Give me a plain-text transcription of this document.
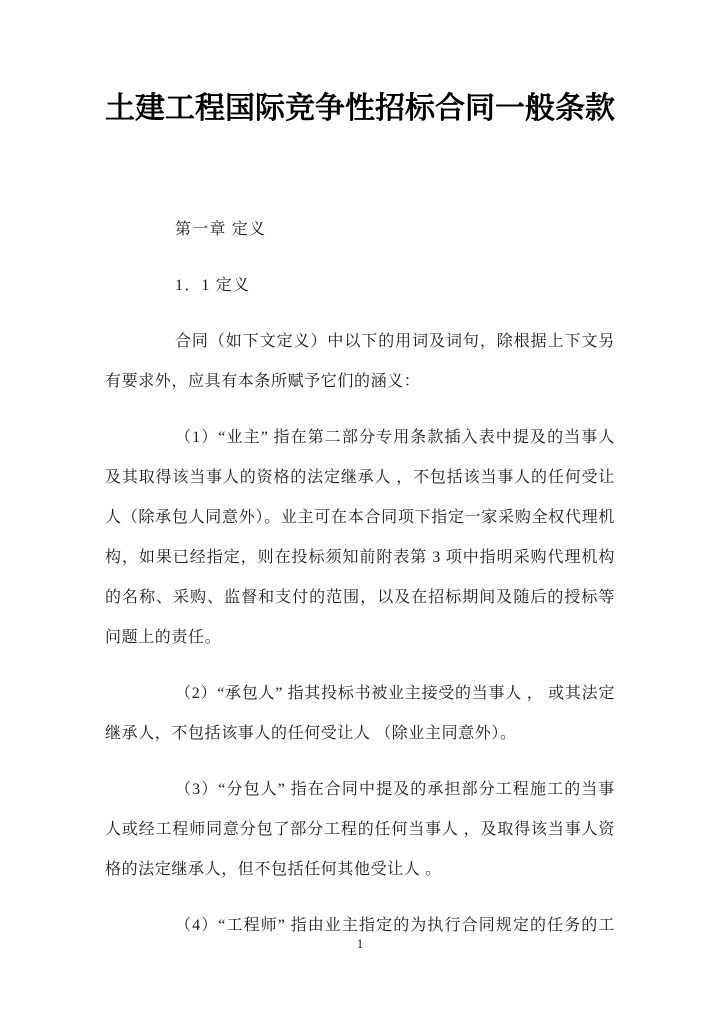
土建工程国际竞争性招标合同一般条款
第一章 定义
1．1 定义
合同（如下文定义）中以下的用词及词句，除根据上下文另
有要求外，应具有本条所赋予它们的涵义：
（1）“业主” 指在第二部分专用条款插入表中提及的当事人
及其取得该当事人的资格的法定继承人 ，不包括该当事人的任何受让
人（除承包人同意外）。业主可在本合同项下指定一家采购全权代理机
构，如果已经指定，则在投标须知前附表第 3 项中指明采购代理机构
的名称、采购、监督和支付的范围，以及在招标期间及随后的授标等
问题上的责任。
（2）“承包人” 指其投标书被业主接受的当事人 ， 或其法定
继承人，不包括该事人的任何受让人 （除业主同意外）。
（3）“分包人” 指在合同中提及的承担部分工程施工的当事
人或经工程师同意分包了部分工程的任何当事人 ，及取得该当事人资
格的法定继承人，但不包括任何其他受让人 。
（4）“工程师” 指由业主指定的为执行合同规定的任务的工
1
